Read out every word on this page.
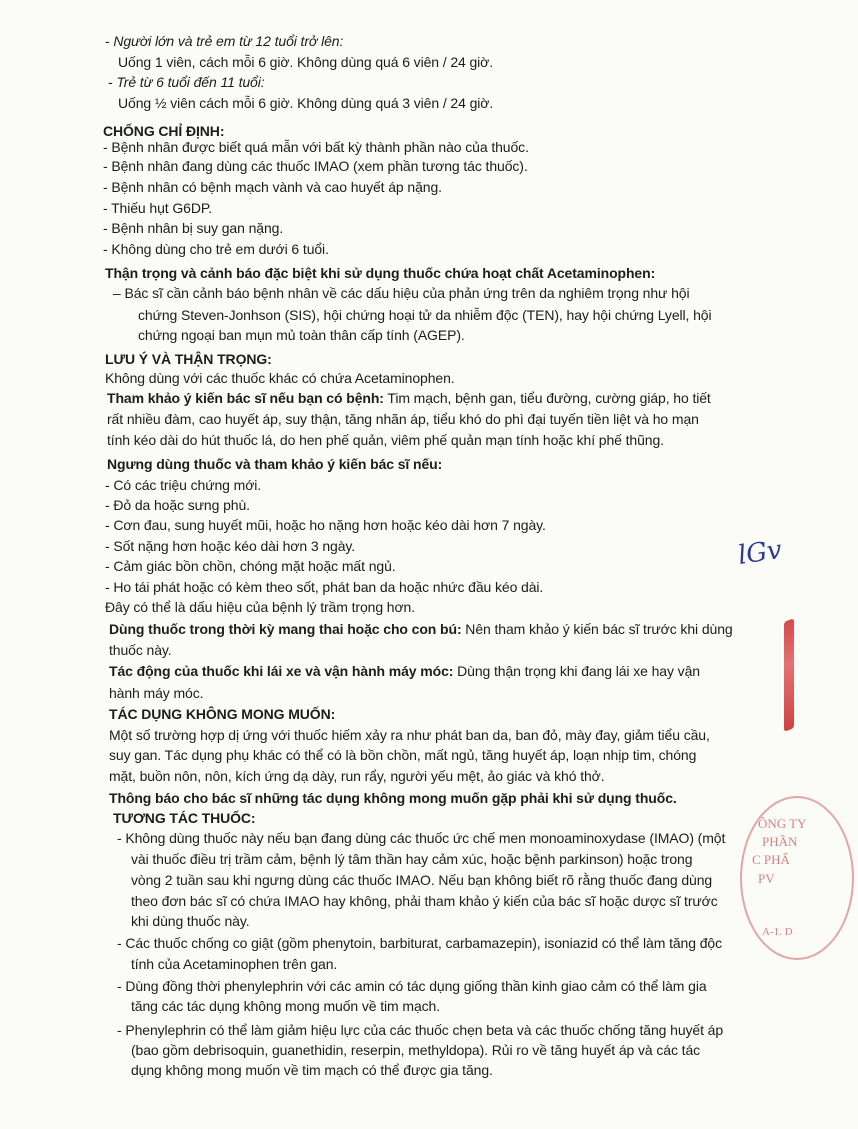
- Người lớn và trẻ em từ 12 tuổi trở lên:
Uống 1 viên, cách mỗi 6 giờ. Không dùng quá 6 viên / 24 giờ.
- Trẻ từ 6 tuổi đến 11 tuổi:
Uống ½ viên cách mỗi 6 giờ. Không dùng quá 3 viên / 24 giờ.
CHỐNG CHỈ ĐỊNH:
- Bệnh nhân được biết quá mẫn với bất kỳ thành phần nào của thuốc.
- Bệnh nhân đang dùng các thuốc IMAO (xem phần tương tác thuốc).
- Bệnh nhân có bệnh mạch vành và cao huyết áp nặng.
- Thiếu hụt G6DP.
- Bệnh nhân bị suy gan nặng.
- Không dùng cho trẻ em dưới 6 tuổi.
Thận trọng và cảnh báo đặc biệt khi sử dụng thuốc chứa hoạt chất Acetaminophen:
– Bác sĩ cần cảnh báo bệnh nhân về các dấu hiệu của phản ứng trên da nghiêm trọng như hội
chứng Steven-Jonhson (SIS), hội chứng hoại tử da nhiễm độc (TEN), hay hội chứng Lyell, hội
chứng ngoại ban mụn mủ toàn thân cấp tính (AGEP).
LƯU Ý VÀ THẬN TRỌNG:
Không dùng với các thuốc khác có chứa Acetaminophen.
Tham khảo ý kiến bác sĩ nếu bạn có bệnh: Tim mạch, bệnh gan, tiểu đường, cường giáp, ho tiết
rất nhiều đàm, cao huyết áp, suy thận, tăng nhãn áp, tiểu khó do phì đại tuyến tiền liệt và ho mạn
tính kéo dài do hút thuốc lá, do hen phế quản, viêm phế quản mạn tính hoặc khí phế thũng.
Ngưng dùng thuốc và tham khảo ý kiến bác sĩ nếu:
- Có các triệu chứng mới.
- Đỏ da hoặc sưng phù.
- Cơn đau, sung huyết mũi, hoặc ho nặng hơn hoặc kéo dài hơn 7 ngày.
- Sốt nặng hơn hoặc kéo dài hơn 3 ngày.
- Cảm giác bồn chồn, chóng mặt hoặc mất ngủ.
- Ho tái phát hoặc có kèm theo sốt, phát ban da hoặc nhức đầu kéo dài.
Đây có thể là dấu hiệu của bệnh lý trầm trọng hơn.
Dùng thuốc trong thời kỳ mang thai hoặc cho con bú: Nên tham khảo ý kiến bác sĩ trước khi dùng
thuốc này.
Tác động của thuốc khi lái xe và vận hành máy móc: Dùng thận trọng khi đang lái xe hay vận
hành máy móc.
TÁC DỤNG KHÔNG MONG MUỐN:
Một số trường hợp dị ứng với thuốc hiếm xảy ra như phát ban da, ban đỏ, mày đay, giảm tiểu cầu,
suy gan. Tác dụng phụ khác có thể có là bồn chồn, mất ngủ, tăng huyết áp, loạn nhịp tim, chóng
mặt, buồn nôn, nôn, kích ứng dạ dày, run rẩy, người yếu mệt, ảo giác và khó thở.
Thông báo cho bác sĩ những tác dụng không mong muốn gặp phải khi sử dụng thuốc.
TƯƠNG TÁC THUỐC:
- Không dùng thuốc này nếu bạn đang dùng các thuốc ức chế men monoaminoxydase (IMAO) (một
vài thuốc điều trị trầm cảm, bệnh lý tâm thần hay cảm xúc, hoặc bệnh parkinson) hoặc trong
vòng 2 tuần sau khi ngưng dùng các thuốc IMAO. Nếu bạn không biết rõ rằng thuốc đang dùng
theo đơn bác sĩ có chứa IMAO hay không, phải tham khảo ý kiến của bác sĩ hoặc dược sĩ trước
khi dùng thuốc này.
- Các thuốc chống co giật (gồm phenytoin, barbiturat, carbamazepin), isoniazid có thể làm tăng độc
tính của Acetaminophen trên gan.
- Dùng đồng thời phenylephrin với các amin có tác dụng giống thần kinh giao cảm có thể làm gia
tăng các tác dụng không mong muốn về tim mạch.
- Phenylephrin có thể làm giảm hiệu lực của các thuốc chẹn beta và các thuốc chống tăng huyết áp
(bao gồm debrisoquin, guanethidin, reserpin, methyldopa). Rủi ro về tăng huyết áp và các tác
dụng không mong muốn về tim mạch có thể được gia tăng.
lGv
ÔNG TY
PHẦN
C PHẨ
PV
A-1. D
